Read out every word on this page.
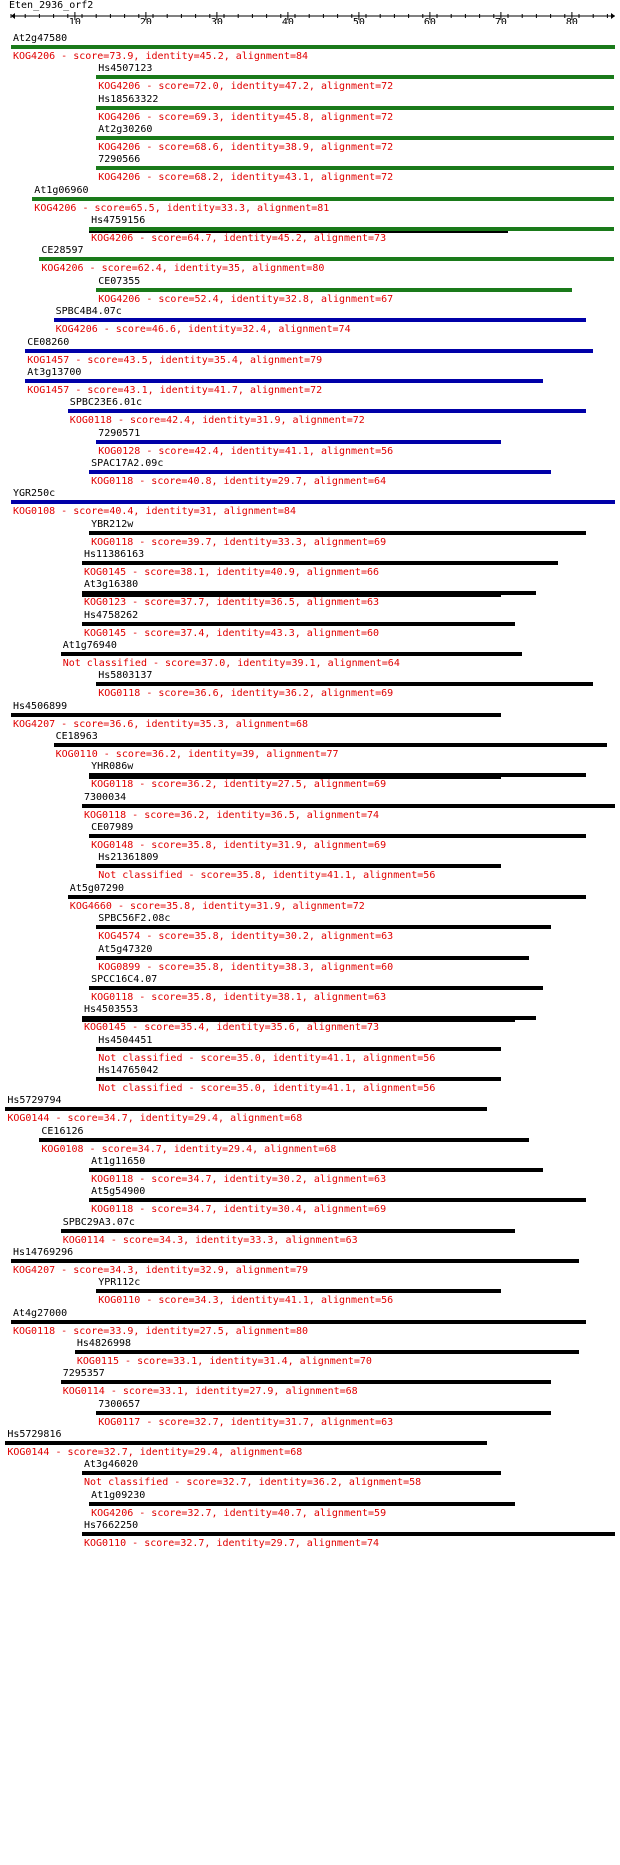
Eten_2936_orf2
10	20	30	40	50	60	70	80
At2g47580
KOG4206 - score=73.9, identity=45.2, alignment=84
Hs4507123
KOG4206 - score=72.0, identity=47.2, alignment=72
Hs18563322
KOG4206 - score=69.3, identity=45.8, alignment=72
At2g30260
KOG4206 - score=68.6, identity=38.9, alignment=72
7290566
KOG4206 - score=68.2, identity=43.1, alignment=72
At1g06960
KOG4206 - score=65.5, identity=33.3, alignment=81
Hs4759156
KOG4206 - score=64.7, identity=45.2, alignment=73
CE28597
KOG4206 - score=62.4, identity=35, alignment=80
CE07355
KOG4206 - score=52.4, identity=32.8, alignment=67
SPBC4B4.07c
KOG4206 - score=46.6, identity=32.4, alignment=74
CE08260
KOG1457 - score=43.5, identity=35.4, alignment=79
At3g13700
KOG1457 - score=43.1, identity=41.7, alignment=72
SPBC23E6.01c
KOG0118 - score=42.4, identity=31.9, alignment=72
7290571
KOG0128 - score=42.4, identity=41.1, alignment=56
SPAC17A2.09c
KOG0118 - score=40.8, identity=29.7, alignment=64
YGR250c
KOG0108 - score=40.4, identity=31, alignment=84
YBR212w
KOG0118 - score=39.7, identity=33.3, alignment=69
Hs11386163
KOG0145 - score=38.1, identity=40.9, alignment=66
At3g16380
KOG0123 - score=37.7, identity=36.5, alignment=63
Hs4758262
KOG0145 - score=37.4, identity=43.3, alignment=60
At1g76940
Not classified - score=37.0, identity=39.1, alignment=64
Hs5803137
KOG0118 - score=36.6, identity=36.2, alignment=69
Hs4506899
KOG4207 - score=36.6, identity=35.3, alignment=68
CE18963
KOG0110 - score=36.2, identity=39, alignment=77
YHR086w
KOG0118 - score=36.2, identity=27.5, alignment=69
7300034
KOG0118 - score=36.2, identity=36.5, alignment=74
CE07989
KOG0148 - score=35.8, identity=31.9, alignment=69
Hs21361809
Not classified - score=35.8, identity=41.1, alignment=56
At5g07290
KOG4660 - score=35.8, identity=31.9, alignment=72
SPBC56F2.08c
KOG4574 - score=35.8, identity=30.2, alignment=63
At5g47320
KOG0899 - score=35.8, identity=38.3, alignment=60
SPCC16C4.07
KOG0118 - score=35.8, identity=38.1, alignment=63
Hs4503553
KOG0145 - score=35.4, identity=35.6, alignment=73
Hs4504451
Not classified - score=35.0, identity=41.1, alignment=56
Hs14765042
Not classified - score=35.0, identity=41.1, alignment=56
Hs5729794
KOG0144 - score=34.7, identity=29.4, alignment=68
CE16126
KOG0108 - score=34.7, identity=29.4, alignment=68
At1g11650
KOG0118 - score=34.7, identity=30.2, alignment=63
At5g54900
KOG0118 - score=34.7, identity=30.4, alignment=69
SPBC29A3.07c
KOG0114 - score=34.3, identity=33.3, alignment=63
Hs14769296
KOG4207 - score=34.3, identity=32.9, alignment=79
YPR112c
KOG0110 - score=34.3, identity=41.1, alignment=56
At4g27000
KOG0118 - score=33.9, identity=27.5, alignment=80
Hs4826998
KOG0115 - score=33.1, identity=31.4, alignment=70
7295357
KOG0114 - score=33.1, identity=27.9, alignment=68
7300657
KOG0117 - score=32.7, identity=31.7, alignment=63
Hs5729816
KOG0144 - score=32.7, identity=29.4, alignment=68
At3g46020
Not classified - score=32.7, identity=36.2, alignment=58
At1g09230
KOG4206 - score=32.7, identity=40.7, alignment=59
Hs7662250
KOG0110 - score=32.7, identity=29.7, alignment=74
